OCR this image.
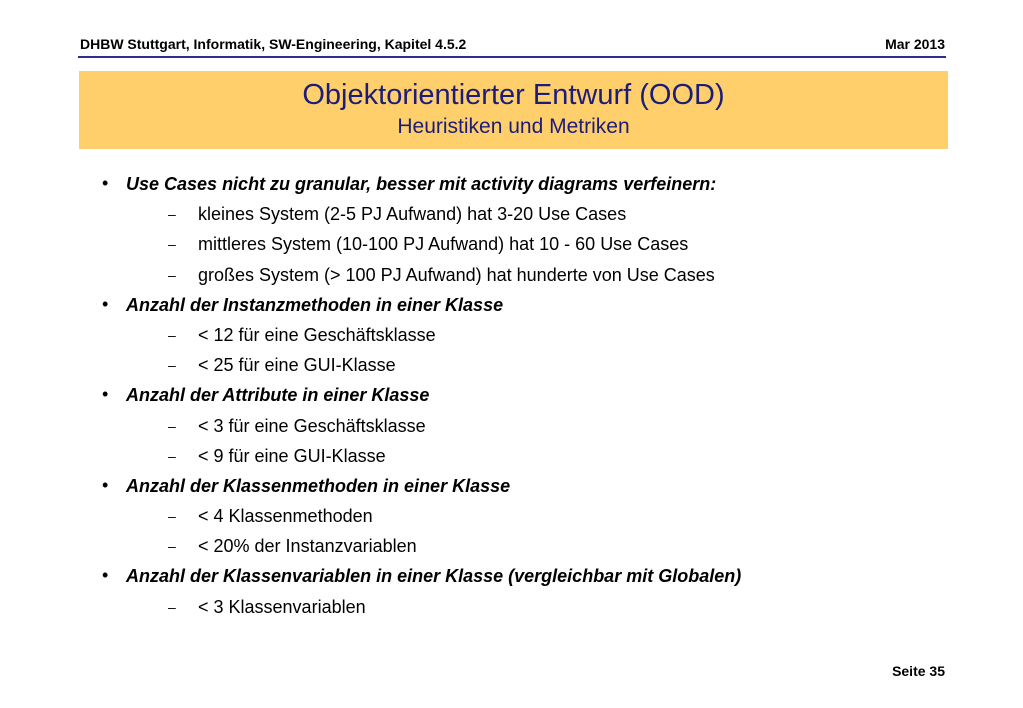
DHBW Stuttgart, Informatik, SW-Engineering, Kapitel 4.5.2	Mar 2013
Objektorientierter Entwurf (OOD)
Heuristiken und Metriken
• Use Cases nicht zu granular, besser mit activity diagrams verfeinern:
– kleines System (2-5 PJ Aufwand) hat 3-20 Use Cases
– mittleres System (10-100 PJ Aufwand) hat 10 - 60 Use Cases
– großes System (> 100 PJ Aufwand) hat hunderte von Use Cases
• Anzahl der Instanzmethoden in einer Klasse
– < 12 für eine Geschäftsklasse
– < 25 für eine GUI-Klasse
• Anzahl der Attribute in einer Klasse
– < 3 für eine Geschäftsklasse
– < 9 für eine GUI-Klasse
• Anzahl der Klassenmethoden in einer Klasse
– < 4 Klassenmethoden
– < 20% der Instanzvariablen
• Anzahl der Klassenvariablen in einer Klasse (vergleichbar mit Globalen)
– < 3 Klassenvariablen
Seite 35
